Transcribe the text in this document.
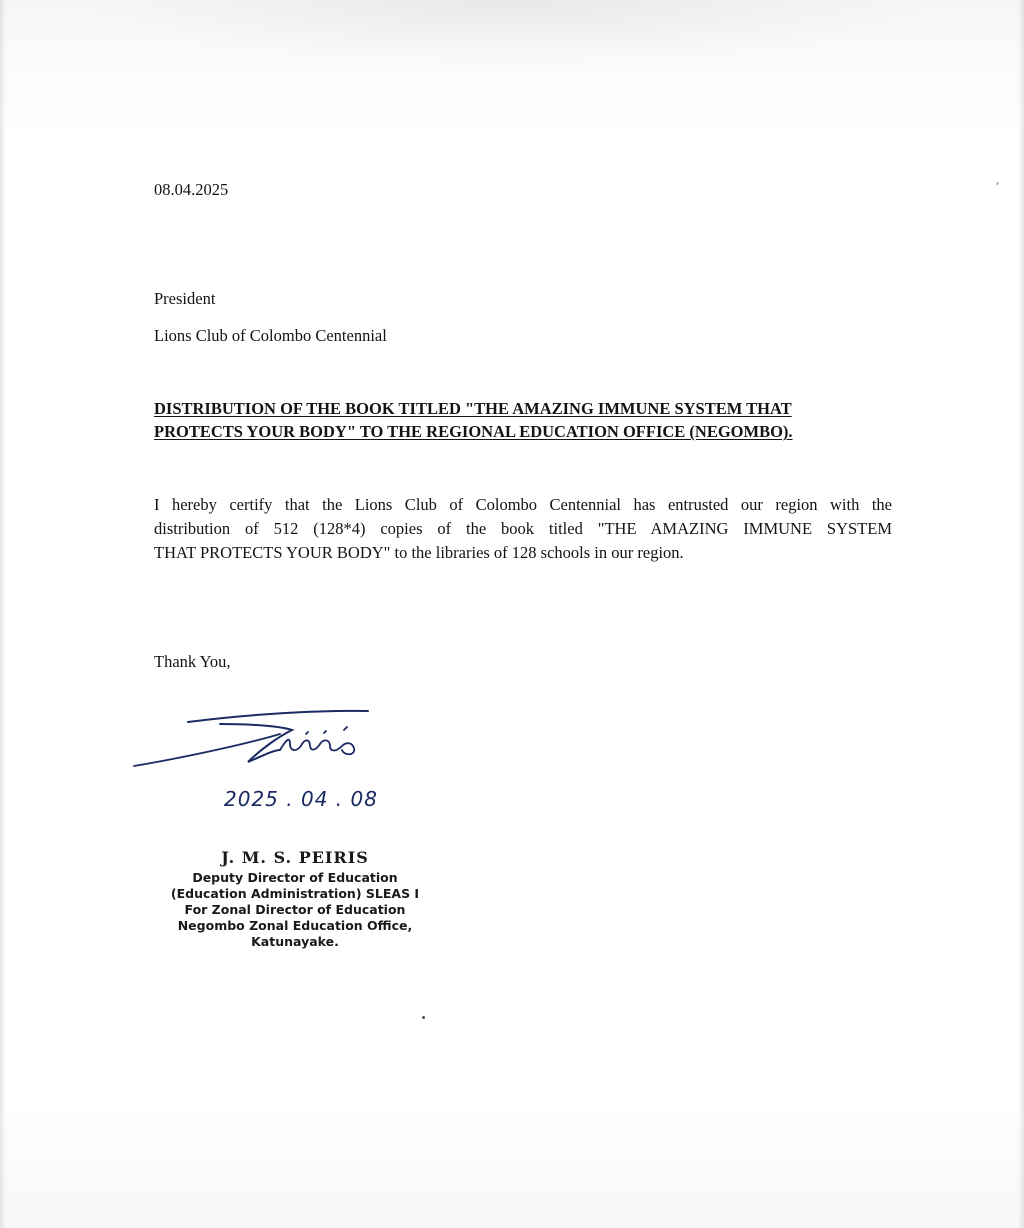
08.04.2025
President
Lions Club of Colombo Centennial
DISTRIBUTION OF THE BOOK TITLED "THE AMAZING IMMUNE SYSTEM THAT
PROTECTS YOUR BODY" TO THE REGIONAL EDUCATION OFFICE (NEGOMBO).
I hereby certify that the Lions Club of Colombo Centennial has entrusted our region with the
distribution of 512 (128*4) copies of the book titled "THE AMAZING IMMUNE SYSTEM
THAT PROTECTS YOUR BODY" to the libraries of 128 schools in our region.
Thank You,
2025 . 04 . 08
J. M. S. PEIRIS
Deputy Director of Education
(Education Administration) SLEAS I
For Zonal Director of Education
Negombo Zonal Education Office,
Katunayake.
